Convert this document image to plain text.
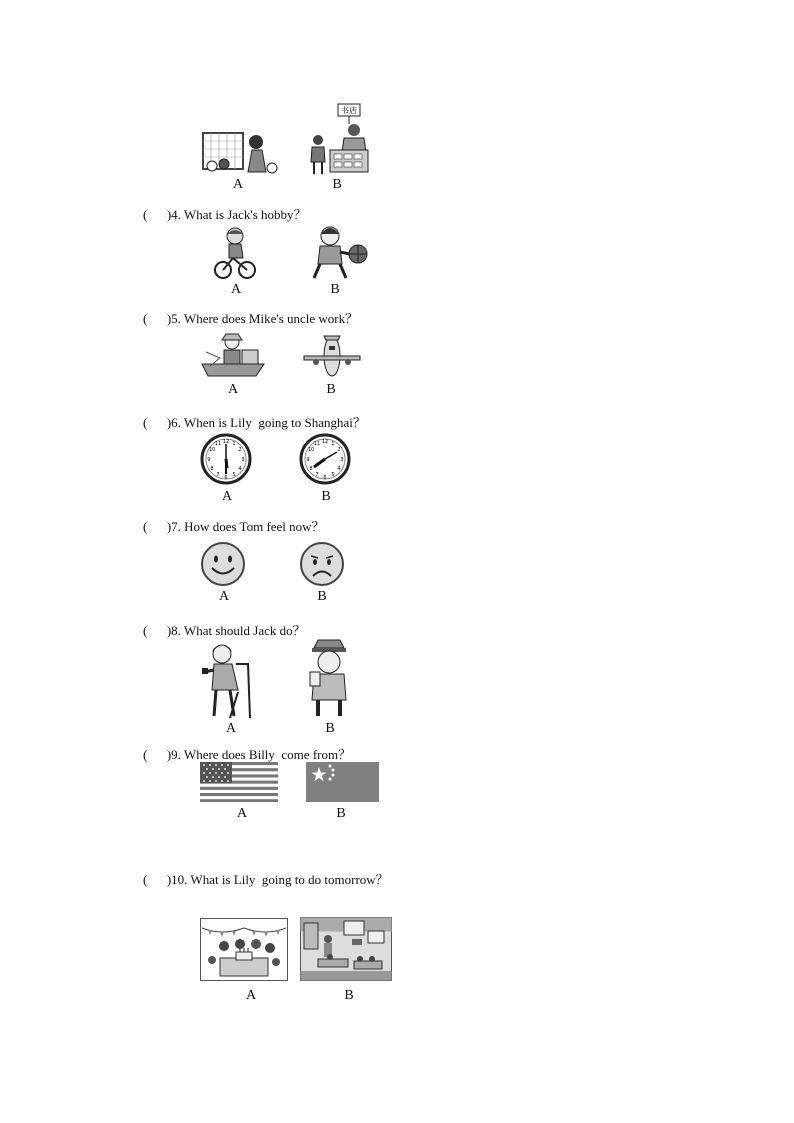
书店
A	B
(      )4. What is Jack's hobby？
A	B
(      )5. Where does Mike's uncle work？
A	B
(      )6. When is Lily  going to Shanghai？
12 1
2
3
4
5
6
7
8
9
10
11	12 1
2
3
4
5
6
7
8
9
10
11
A	B
(      )7. How does Tom feel now？
A	B
(      )8. What should Jack do？
A	B
(      )9. Where does Billy  come from？
A	B
(      )10. What is Lily  going to do tomorrow？
A	B
